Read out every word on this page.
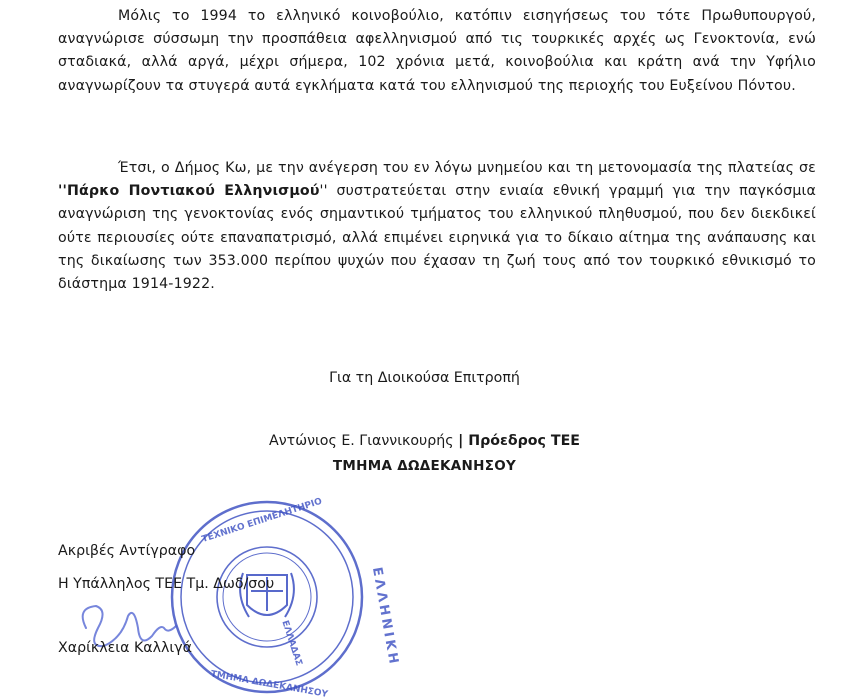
Μόλις το 1994 το ελληνικό κοινοβούλιο, κατόπιν εισηγήσεως του τότε Πρωθυπουργού, αναγνώρισε σύσσωμη την προσπάθεια αφελληνισμού από τις τουρκικές αρχές ως Γενοκτονία, ενώ σταδιακά, αλλά αργά, μέχρι σήμερα, 102 χρόνια μετά, κοινοβούλια και κράτη ανά την Υφήλιο αναγνωρίζουν τα στυγερά αυτά εγκλήματα κατά του ελληνισμού της περιοχής του Ευξείνου Πόντου.
Έτσι, ο Δήμος Κω, με την ανέγερση του εν λόγω μνημείου και τη μετονομασία της πλατείας σε ''Πάρκο Ποντιακού Ελληνισμού'' συστρατεύεται στην ενιαία εθνική γραμμή για την παγκόσμια αναγνώριση της γενοκτονίας ενός σημαντικού τμήματος του ελληνικού πληθυσμού, που δεν διεκδικεί ούτε περιουσίες ούτε επαναπατρισμό, αλλά επιμένει ειρηνικά για το δίκαιο αίτημα της ανάπαυσης και της δικαίωσης των 353.000 περίπου ψυχών που έχασαν τη ζωή τους από τον τουρκικό εθνικισμό το διάστημα 1914-1922.
Για τη Διοικούσα Επιτροπή
Αντώνιος Ε. Γιαννικουρής | Πρόεδρος ΤΕΕ
ΤΜΗΜΑ ΔΩΔΕΚΑΝΗΣΟΥ
ΤΕΧΝΙΚΟ ΕΠΙΜΕΛΗΤΗΡΙΟ
ΕΛΛΑΔΑΣ
ΤΜΗΜΑ ΔΩΔΕΚΑΝΗΣΟΥ
ΕΛΛΗΝΙΚΗ
Ακριβές Αντίγραφο
Η Υπάλληλος ΤΕΕ Τμ. Δωδ/σου
Χαρίκλεια Καλλιγά
